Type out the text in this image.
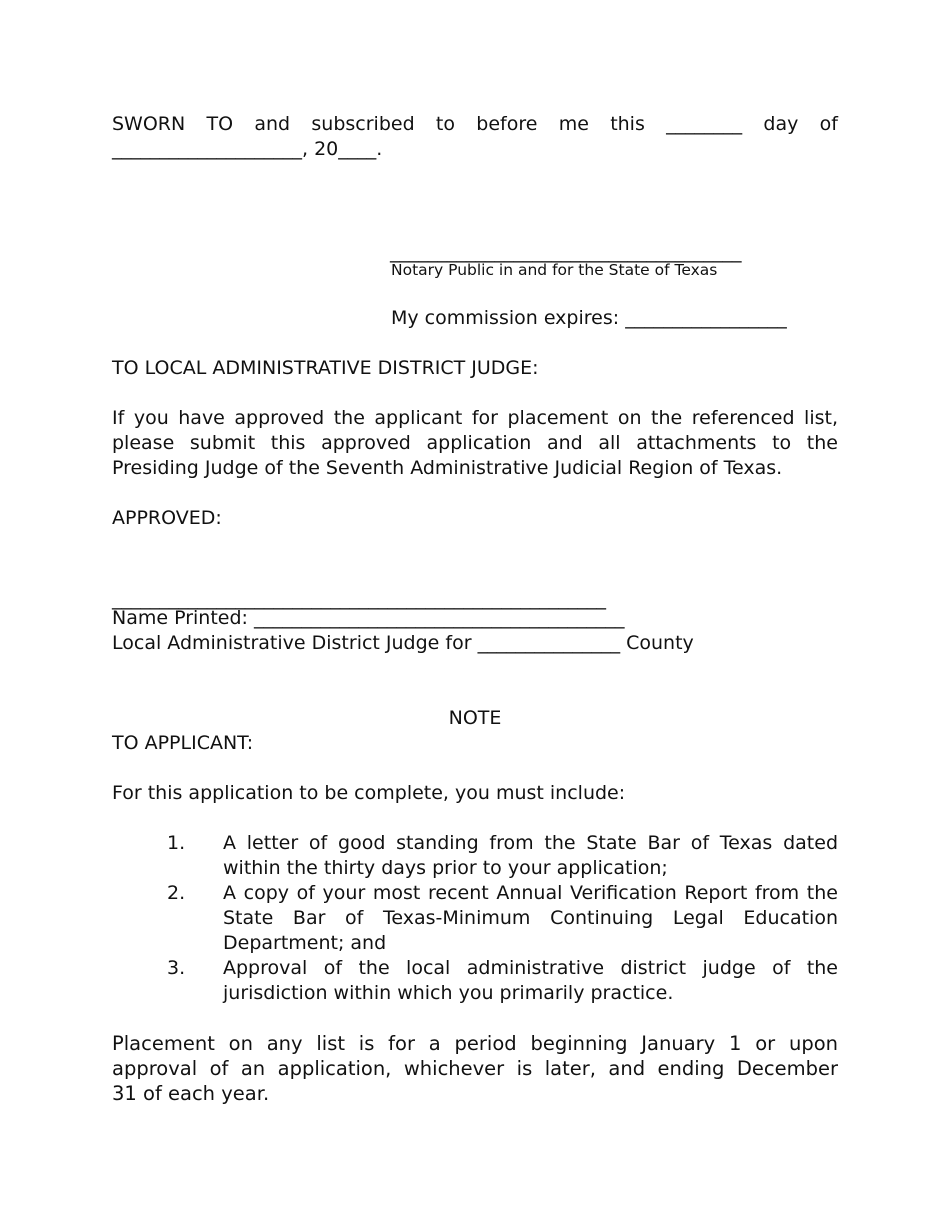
SWORN TO and subscribed to before me this ________ day of
____________________, 20____.
_____________________________________
Notary Public in and for the State of Texas
My commission expires: _________________
TO LOCAL ADMINISTRATIVE DISTRICT JUDGE:
If you have approved the applicant for placement on the referenced list,
please submit this approved application and all attachments to the
Presiding Judge of the Seventh Administrative Judicial Region of Texas.
APPROVED:
____________________________________________________
Name Printed: _______________________________________
Local Administrative District Judge for _______________ County
NOTE
TO APPLICANT:
For this application to be complete, you must include:
1. A letter of good standing from the State Bar of Texas dated
within the thirty days prior to your application;
2. A copy of your most recent Annual Verification Report from the
State Bar of Texas-Minimum Continuing Legal Education
Department; and
3. Approval of the local administrative district judge of the
jurisdiction within which you primarily practice.
Placement on any list is for a period beginning January 1 or upon
approval of an application, whichever is later, and ending December
31 of each year.
